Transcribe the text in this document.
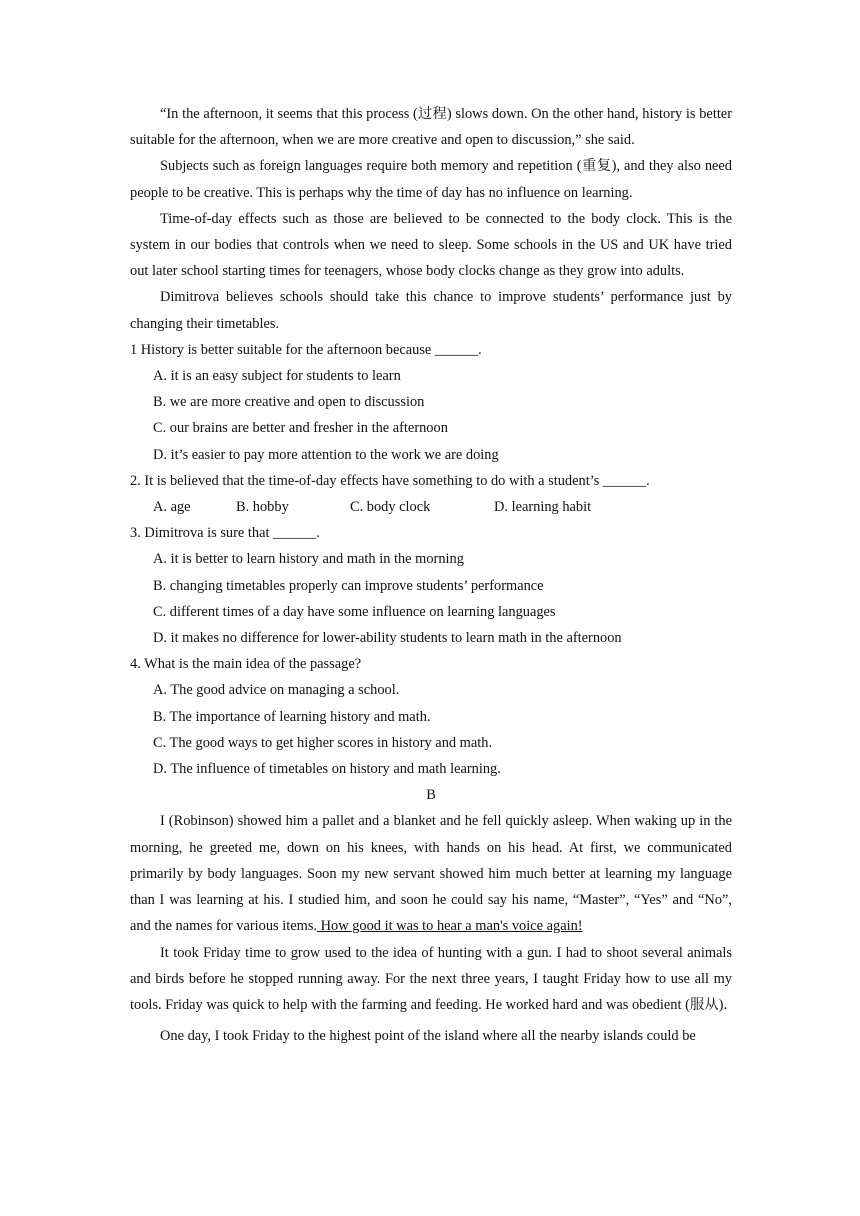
“In the afternoon, it seems that this process (过程) slows down. On the other hand, history is better suitable for the afternoon, when we are more creative and open to discussion,” she said.

Subjects such as foreign languages require both memory and repetition (重复), and they also need people to be creative. This is perhaps why the time of day has no influence on learning.

Time-of-day effects such as those are believed to be connected to the body clock. This is the system in our bodies that controls when we need to sleep. Some schools in the US and UK have tried out later school starting times for teenagers, whose body clocks change as they grow into adults.

Dimitrova believes schools should take this chance to improve students’ performance just by changing their timetables.

1 History is better suitable for the afternoon because ______.

A. it is an easy subject for students to learn

B. we are more creative and open to discussion

C. our brains are better and fresher in the afternoon

D. it’s easier to pay more attention to the work we are doing

2. It is believed that the time-of-day effects have something to do with a student’s ______.

A. age	B. hobby	C. body clock	D. learning habit

3. Dimitrova is sure that ______.

A. it is better to learn history and math in the morning

B. changing timetables properly can improve students’ performance

C. different times of a day have some influence on learning languages

D. it makes no difference for lower-ability students to learn math in the afternoon

4. What is the main idea of the passage?

A. The good advice on managing a school.

B. The importance of learning history and math.

C. The good ways to get higher scores in history and math.

D. The influence of timetables on history and math learning.

B

I (Robinson) showed him a pallet and a blanket and he fell quickly asleep. When waking up in the morning, he greeted me, down on his knees, with hands on his head. At first, we communicated primarily by body languages. Soon my new servant showed him much better at learning my language than I was learning at his. I studied him, and soon he could say his name, “Master”, “Yes” and “No”, and the names for various items. How good it was to hear a man's voice again!

It took Friday time to grow used to the idea of hunting with a gun. I had to shoot several animals and birds before he stopped running away. For the next three years, I taught Friday how to use all my tools. Friday was quick to help with the farming and feeding. He worked hard and was obedient (服从).

One day, I took Friday to the highest point of the island where all the nearby islands could be
